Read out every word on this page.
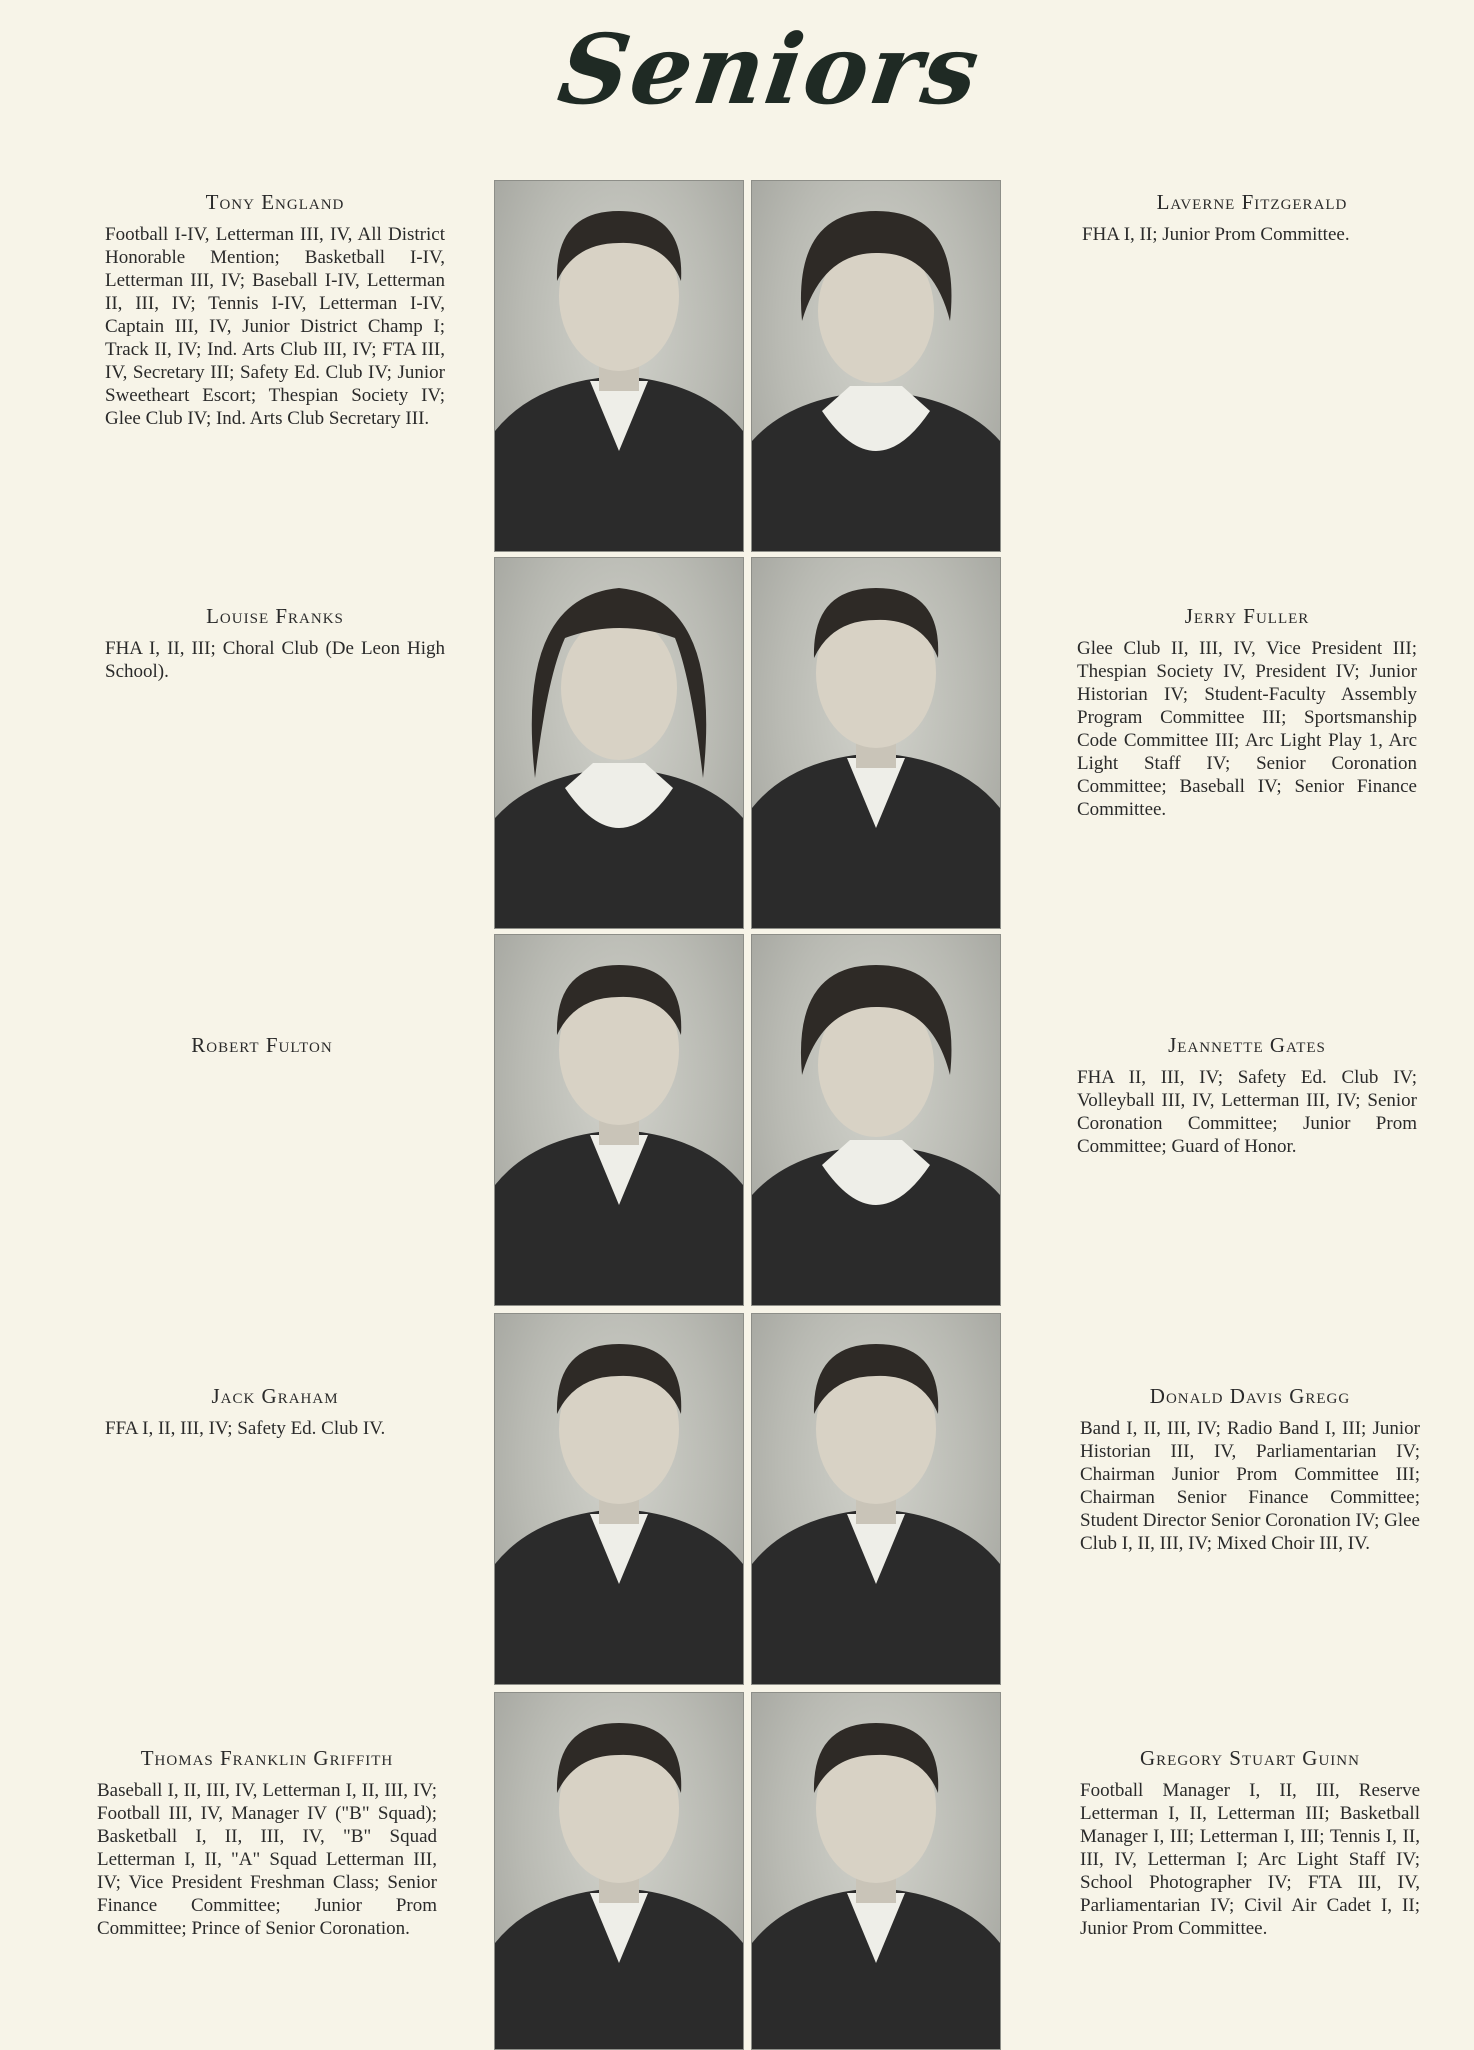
Seniors
Tony England
Football I-IV, Letterman III, IV, All District Honorable Mention; Basketball I-IV, Letterman III, IV; Baseball I-IV, Letterman II, III, IV; Tennis I-IV, Letterman I-IV, Captain III, IV, Junior District Champ I; Track II, IV; Ind. Arts Club III, IV; FTA III, IV, Secretary III; Safety Ed. Club IV; Junior Sweetheart Escort; Thespian Society IV; Glee Club IV; Ind. Arts Club Secretary III.
Laverne Fitzgerald
FHA I, II; Junior Prom Committee.
Louise Franks
FHA I, II, III; Choral Club (De Leon High School).
Jerry Fuller
Glee Club II, III, IV, Vice President III; Thespian Society IV, President IV; Junior Historian IV; Student-Faculty Assembly Program Committee III; Sportsmanship Code Committee III; Arc Light Play 1, Arc Light Staff IV; Senior Coronation Committee; Baseball IV; Senior Finance Committee.
Robert Fulton	Jeannette Gates
FHA II, III, IV; Safety Ed. Club IV; Volleyball III, IV, Letterman III, IV; Senior Coronation Committee; Junior Prom Committee; Guard of Honor.
Jack Graham
FFA I, II, III, IV; Safety Ed. Club IV.
Donald Davis Gregg
Band I, II, III, IV; Radio Band I, III; Junior Historian III, IV, Parliamentarian IV; Chairman Junior Prom Committee III; Chairman Senior Finance Committee; Student Director Senior Coronation IV; Glee Club I, II, III, IV; Mixed Choir III, IV.
Thomas Franklin Griffith
Baseball I, II, III, IV, Letterman I, II, III, IV; Football III, IV, Manager IV ("B" Squad); Basketball I, II, III, IV, "B" Squad Letterman I, II, "A" Squad Letterman III, IV; Vice President Freshman Class; Senior Finance Committee; Junior Prom Committee; Prince of Senior Coronation.
Gregory Stuart Guinn
Football Manager I, II, III, Reserve Letterman I, II, Letterman III; Basketball Manager I, III; Letterman I, III; Tennis I, II, III, IV, Letterman I; Arc Light Staff IV; School Photographer IV; FTA III, IV, Parliamentarian IV; Civil Air Cadet I, II; Junior Prom Committee.
